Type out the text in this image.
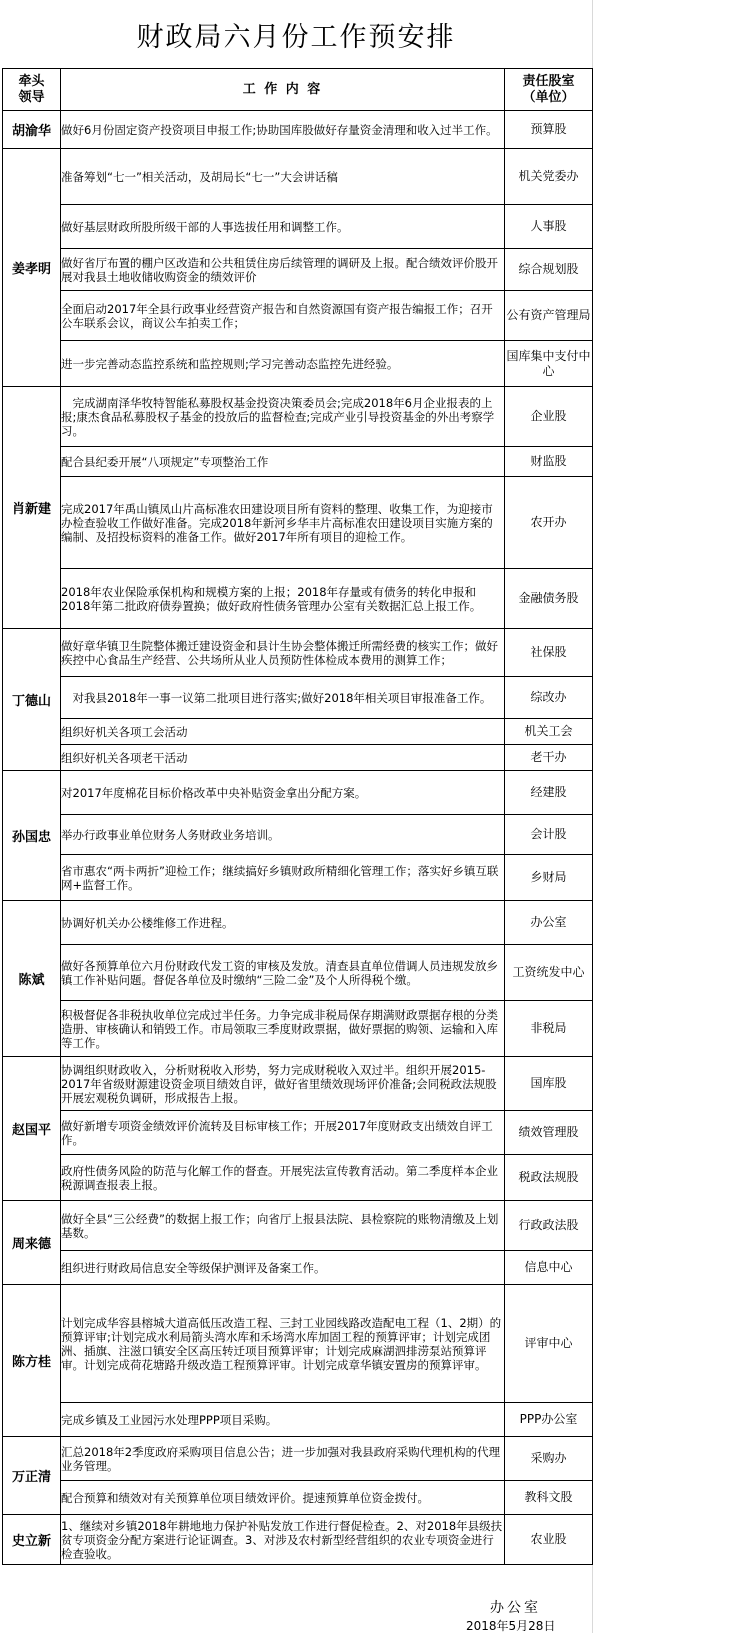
财政局六月份工作预安排
牵头
领导	工 作 内 容	责任股室
（单位）

胡渝华	做好6月份固定资产投资项目申报工作;协助国库股做好存量资金清理和收入过半工作。	预算股
姜孝明	准备筹划“七一”相关活动，及胡局长“七一”大会讲话稿	机关党委办
	做好基层财政所股所级干部的人事选拔任用和调整工作。	人事股
	做好省厅布置的棚户区改造和公共租赁住房后续管理的调研及上报。配合绩效评价股开展对我县土地收储收购资金的绩效评价	综合规划股
	全面启动2017年全县行政事业经营资产报告和自然资源国有资产报告编报工作；召开公车联系会议，商议公车拍卖工作；	公有资产管理局
	进一步完善动态监控系统和监控规则;学习完善动态监控先进经验。	国库集中支付中心
肖新建	　完成湖南泽华牧特智能私募股权基金投资决策委员会;完成2018年6月企业报表的上报;康杰食品私募股权子基金的投放后的监督检查;完成产业引导投资基金的外出考察学习。	企业股
	配合县纪委开展“八项规定”专项整治工作	财监股
	完成2017年禹山镇凤山片高标准农田建设项目所有资料的整理、收集工作，为迎接市办检查验收工作做好准备。完成2018年新河乡华丰片高标准农田建设项目实施方案的编制、及招投标资料的准备工作。做好2017年所有项目的迎检工作。	农开办
	2018年农业保险承保机构和规模方案的上报；2018年存量或有债务的转化申报和2018年第二批政府债券置换；做好政府性债务管理办公室有关数据汇总上报工作。	金融债务股
丁德山	做好章华镇卫生院整体搬迁建设资金和县计生协会整体搬迁所需经费的核实工作；做好疾控中心食品生产经营、公共场所从业人员预防性体检成本费用的测算工作；	社保股
	　对我县2018年一事一议第二批项目进行落实;做好2018年相关项目审报准备工作。	综改办
	组织好机关各项工会活动	机关工会
	组织好机关各项老干活动	老干办
孙国忠	对2017年度棉花目标价格改革中央补贴资金拿出分配方案。	经建股
	举办行政事业单位财务人务财政业务培训。	会计股
	省市惠农“两卡两折”迎检工作；继续搞好乡镇财政所精细化管理工作；落实好乡镇互联网+监督工作。	乡财局
陈斌	协调好机关办公楼维修工作进程。	办公室
	做好各预算单位六月份财政代发工资的审核及发放。清查县直单位借调人员违规发放乡镇工作补贴问题。督促各单位及时缴纳“三险二金”及个人所得税个缴。	工资统发中心
	积极督促各非税执收单位完成过半任务。力争完成非税局保存期满财政票据存根的分类造册、审核确认和销毁工作。市局领取三季度财政票据，做好票据的购领、运输和入库等工作。	非税局
赵国平	协调组织财政收入，分析财税收入形势，努力完成财税收入双过半。组织开展2015-2017年省级财源建设资金项目绩效自评，做好省里绩效现场评价准备;会同税政法规股开展宏观税负调研，形成报告上报。	国库股
	做好新增专项资金绩效评价流转及目标审核工作；开展2017年度财政支出绩效自评工作。	绩效管理股
	政府性债务风险的防范与化解工作的督查。开展宪法宣传教育活动。第二季度样本企业税源调查报表上报。	税政法规股
周来德	做好全县“三公经费”的数据上报工作；向省厅上报县法院、县检察院的账物清缴及上划基数。	行政政法股
	组织进行财政局信息安全等级保护测评及备案工作。	信息中心
陈方桂	计划完成华容县榕城大道高低压改造工程、三封工业园线路改造配电工程（1、2期）的预算评审;计划完成水利局箭头湾水库和禾场湾水库加固工程的预算评审；计划完成团洲、插旗、注滋口镇安全区高压转迁项目预算评审；计划完成麻湖泗排涝泵站预算评审。计划完成荷花塘路升级改造工程预算评审。计划完成章华镇安置房的预算评审。	评审中心
	完成乡镇及工业园污水处理PPP项目采购。	PPP办公室
万正清	汇总2018年2季度政府采购项目信息公告；进一步加强对我县政府采购代理机构的代理业务管理。	采购办
	配合预算和绩效对有关预算单位项目绩效评价。提速预算单位资金拨付。	教科文股
史立新	1、继续对乡镇2018年耕地地力保护补贴发放工作进行督促检查。2、对2018年县级扶贫专项资金分配方案进行论证调查。3、对涉及农村新型经营组织的农业专项资金进行检查验收。	农业股
办公室
2018年5月28日
